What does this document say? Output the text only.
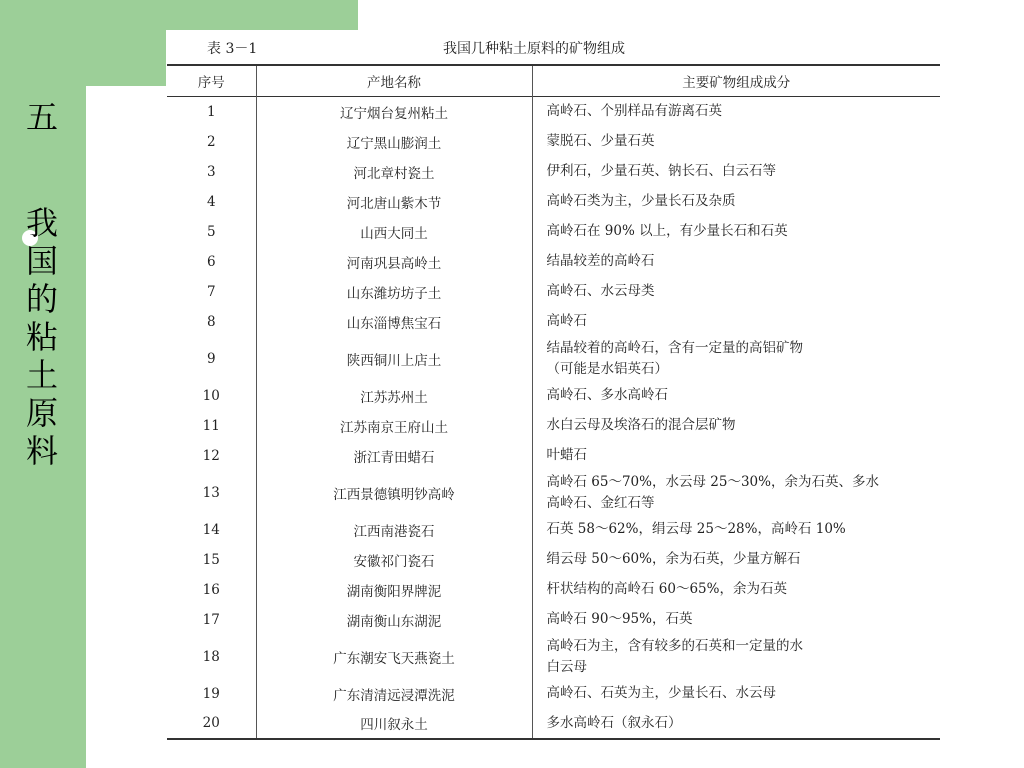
五
我国的粘土原料
表 3－1	我国几种粘土原料的矿物组成
序号	产地名称	主要矿物组成成分
1	辽宁烟台复州粘土	高岭石、个别样品有游离石英

2	辽宁黑山膨润土	蒙脱石、少量石英

3	河北章村瓷土	伊利石，少量石英、钠长石、白云石等

4	河北唐山紫木节	高岭石类为主，少量长石及杂质

5	山西大同土	高岭石在 90% 以上，有少量长石和石英

6	河南巩县高岭土	结晶较差的高岭石

7	山东潍坊坊子土	高岭石、水云母类

8	山东淄博焦宝石	高岭石

9	陕西铜川上店土	结晶较着的高岭石，含有一定量的高铝矿物
（可能是水铝英石）

10	江苏苏州土	高岭石、多水高岭石

11	江苏南京王府山土	水白云母及埃洛石的混合层矿物

12	浙江青田蜡石	叶蜡石

13	江西景德镇明钞高岭	高岭石 65～70%，水云母 25～30%，余为石英、多水
高岭石、金红石等

14	江西南港瓷石	石英 58～62%，绢云母 25～28%，高岭石 10%

15	安徽祁门瓷石	绢云母 50～60%，余为石英，少量方解石

16	湖南衡阳界牌泥	杆状结构的高岭石 60～65%，余为石英

17	湖南衡山东湖泥	高岭石 90～95%，石英

18	广东潮安飞天燕瓷土	高岭石为主，含有较多的石英和一定量的水
白云母

19	广东清清远浸潭洗泥	高岭石、石英为主，少量长石、水云母

20	四川叙永土	多水高岭石（叙永石）
